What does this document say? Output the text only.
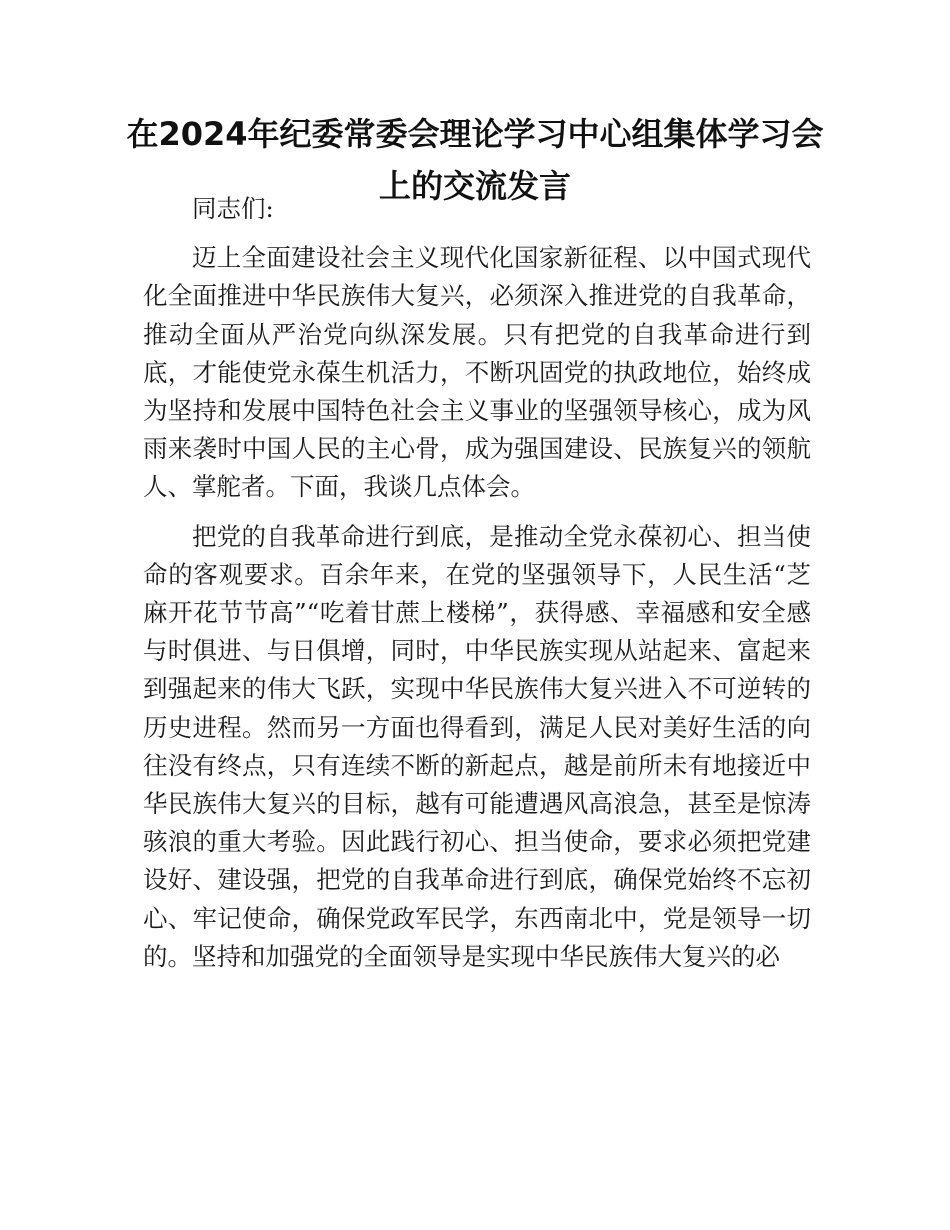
在2024年纪委常委会理论学习中心组集体学习会上的交流发言

同志们:

迈上全面建设社会主义现代化国家新征程、以中国式现代化全面推进中华民族伟大复兴，必须深入推进党的自我革命，推动全面从严治党向纵深发展。只有把党的自我革命进行到底，才能使党永葆生机活力，不断巩固党的执政地位，始终成为坚持和发展中国特色社会主义事业的坚强领导核心，成为风雨来袭时中国人民的主心骨，成为强国建设、民族复兴的领航人、掌舵者。下面，我谈几点体会。

把党的自我革命进行到底，是推动全党永葆初心、担当使命的客观要求。百余年来，在党的坚强领导下，人民生活“芝麻开花节节高”“吃着甘蔗上楼梯”，获得感、幸福感和安全感与时俱进、与日俱增，同时，中华民族实现从站起来、富起来到强起来的伟大飞跃，实现中华民族伟大复兴进入不可逆转的历史进程。然而另一方面也得看到，满足人民对美好生活的向往没有终点，只有连续不断的新起点，越是前所未有地接近中华民族伟大复兴的目标，越有可能遭遇风高浪急，甚至是惊涛骇浪的重大考验。因此践行初心、担当使命，要求必须把党建设好、建设强，把党的自我革命进行到底，确保党始终不忘初心、牢记使命，确保党政军民学，东西南北中，党是领导一切的。坚持和加强党的全面领导是实现中华民族伟大复兴的必
